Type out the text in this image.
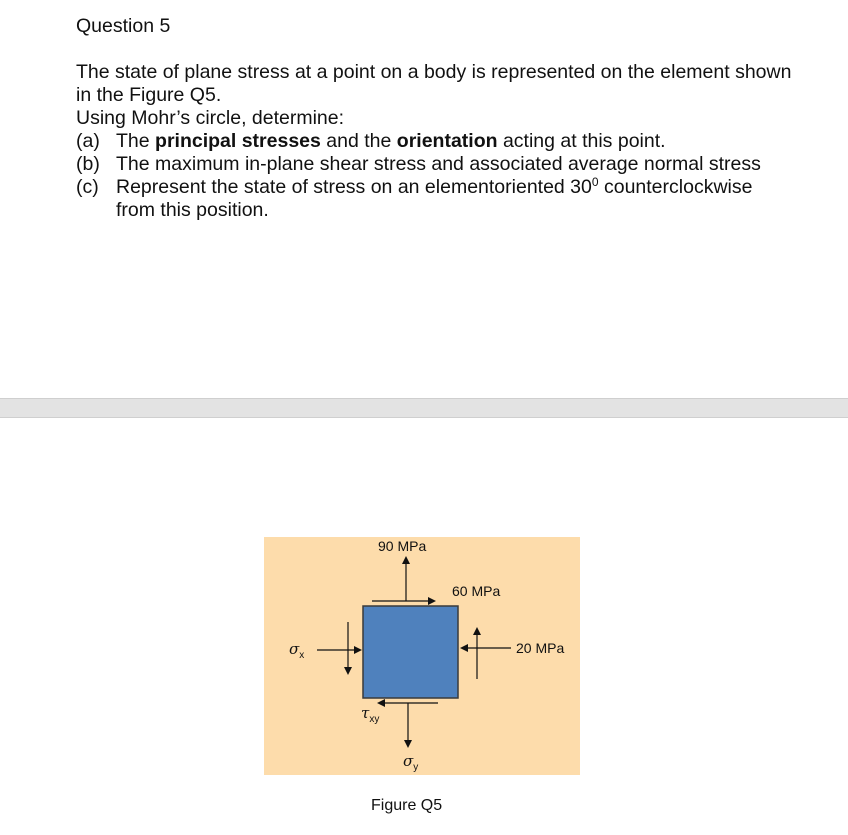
Question 5

The state of plane stress at a point on a body is represented on the element shown in the Figure Q5.

Using Mohr’s circle, determine:

(a) The principal stresses and the orientation acting at this point.
(b) The maximum in-plane shear stress and associated average normal stress
(c) Represent the state of stress on an elementoriented $30^0$ counterclockwise from this position.
90 MPa
60 MPa
20 MPa
$\sigma_x$
$\tau_{xy}$
$\sigma_y$
Figure Q5
